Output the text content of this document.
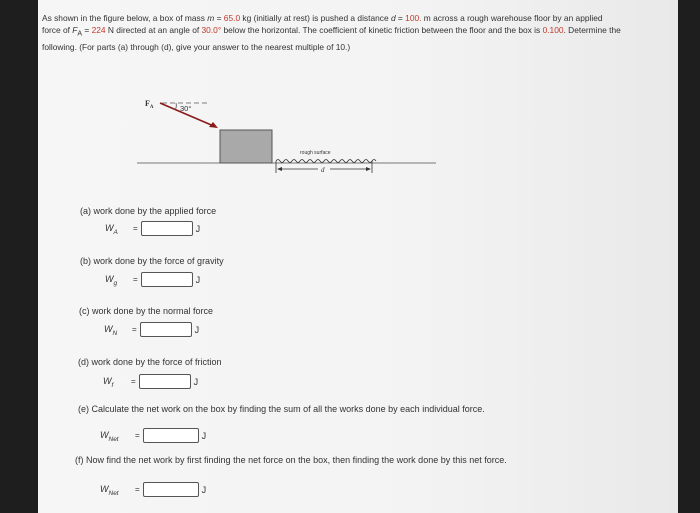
As shown in the figure below, a box of mass m = 65.0 kg (initially at rest) is pushed a distance d = 100. m across a rough warehouse floor by an applied force of $F_A = 224$ N directed at an angle of 30.0° below the horizontal. The coefficient of kinetic friction between the floor and the box is 0.100. Determine the following. (For parts (a) through (d), give your answer to the nearest multiple of 10.)
$F_A$	30°
rough surface
d
(a) work done by the applied force
$W_A$ =	J
(b) work done by the force of gravity
$W_g$ =	J
(c) work done by the normal force
$W_N$ =	J
(d) work done by the force of friction
$W_f$ =	J
(e) Calculate the net work on the box by finding the sum of all the works done by each individual force.
$W_{Net}$ =	J
(f) Now find the net work by first finding the net force on the box, then finding the work done by this net force.
$W_{Net}$ =	J
